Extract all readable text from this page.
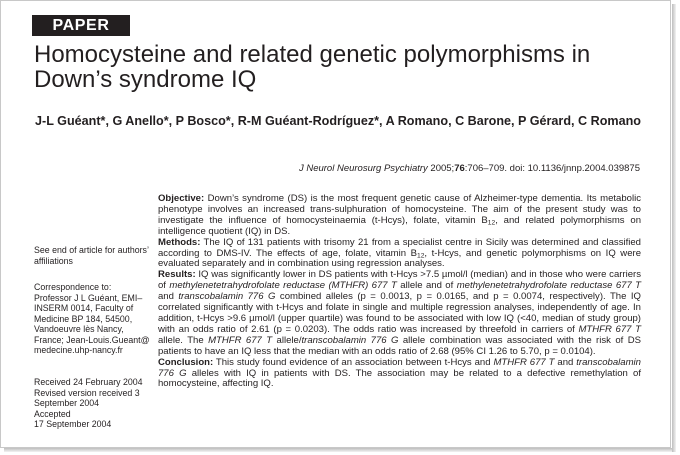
PAPER
Homocysteine and related genetic polymorphisms in Down’s syndrome IQ
J-L Guéant*, G Anello*, P Bosco*, R-M Guéant-Rodríguez*, A Romano, C Barone, P Gérard, C Romano
J Neurol Neurosurg Psychiatry 2005;76:706–709. doi: 10.1136/jnnp.2004.039875
See end of article for authors’ affiliations
Correspondence to:
Professor J L Guéant, EMI–INSERM 0014, Faculty of Medicine BP 184, 54500, Vandoeuvre lès Nancy, France; Jean-Louis.Gueant@ medecine.uhp-nancy.fr

Received 24 February 2004

Revised version received 3 September 2004

Accepted

17 September 2004

Objective: Down’s syndrome (DS) is the most frequent genetic cause of Alzheimer-type dementia. Its metabolic phenotype involves an increased trans-sulphuration of homocysteine. The aim of the present study was to investigate the influence of homocysteinaemia (t-Hcys), folate, vitamin $B_{12}$, and related polymorphisms on intelligence quotient (IQ) in DS.

Methods: The IQ of 131 patients with trisomy 21 from a specialist centre in Sicily was determined and classified according to DMS-IV. The effects of age, folate, vitamin $B_{12}$, t-Hcys, and genetic polymorphisms on IQ were evaluated separately and in combination using regression analyses.

Results: IQ was significantly lower in DS patients with t-Hcys >7.5 µmol/l (median) and in those who were carriers of methylenetetrahydrofolate reductase (MTHFR) 677 T allele and of methylenetetrahydrofolate reductase 677 T and transcobalamin 776 G combined alleles (p = 0.0013, p = 0.0165, and p = 0.0074, respectively). The IQ correlated significantly with t-Hcys and folate in single and multiple regression analyses, independently of age. In addition, t-Hcys >9.6 µmol/l (upper quartile) was found to be associated with low IQ (<40, median of study group) with an odds ratio of 2.61 (p = 0.0203). The odds ratio was increased by threefold in carriers of MTHFR 677 T allele. The MTHFR 677 T allele/transcobalamin 776 G allele combination was associated with the risk of DS patients to have an IQ less that the median with an odds ratio of 2.68 (95% CI 1.26 to 5.70, p = 0.0104).

Conclusion: This study found evidence of an association between t-Hcys and MTHFR 677 T and transcobalamin 776 G alleles with IQ in patients with DS. The association may be related to a defective remethylation of homocysteine, affecting IQ.
